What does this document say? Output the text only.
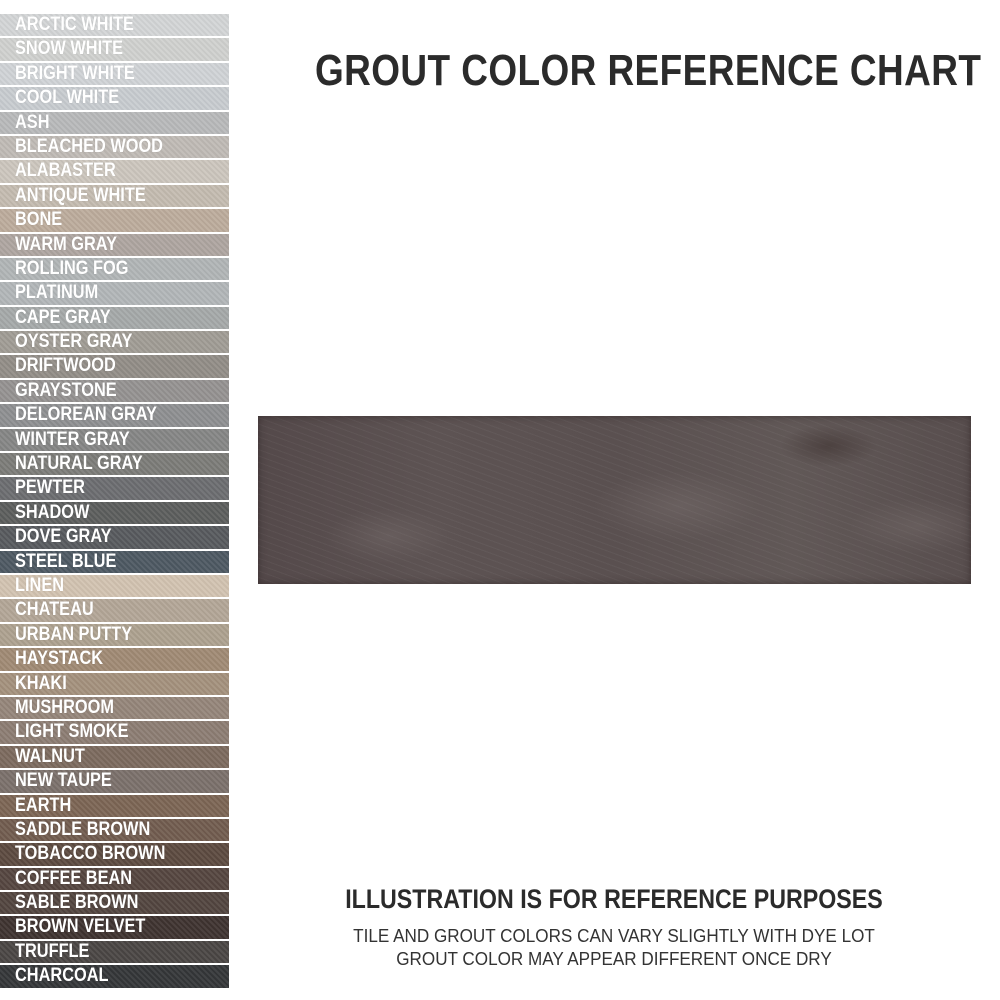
ARCTIC WHITE
SNOW WHITE
BRIGHT WHITE
COOL WHITE
ASH
BLEACHED WOOD
ALABASTER
ANTIQUE WHITE
BONE
WARM GRAY
ROLLING FOG
PLATINUM
CAPE GRAY
OYSTER GRAY
DRIFTWOOD
GRAYSTONE
DELOREAN GRAY
WINTER GRAY
NATURAL GRAY
PEWTER
SHADOW
DOVE GRAY
STEEL BLUE
LINEN
CHATEAU
URBAN PUTTY
HAYSTACK
KHAKI
MUSHROOM
LIGHT SMOKE
WALNUT
NEW TAUPE
EARTH
SADDLE BROWN
TOBACCO BROWN
COFFEE BEAN
SABLE BROWN
BROWN VELVET
TRUFFLE
CHARCOAL
GROUT COLOR REFERENCE CHART
ILLUSTRATION IS FOR REFERENCE PURPOSES

TILE AND GROUT COLORS CAN VARY SLIGHTLY WITH DYE LOT

GROUT COLOR MAY APPEAR DIFFERENT ONCE DRY
